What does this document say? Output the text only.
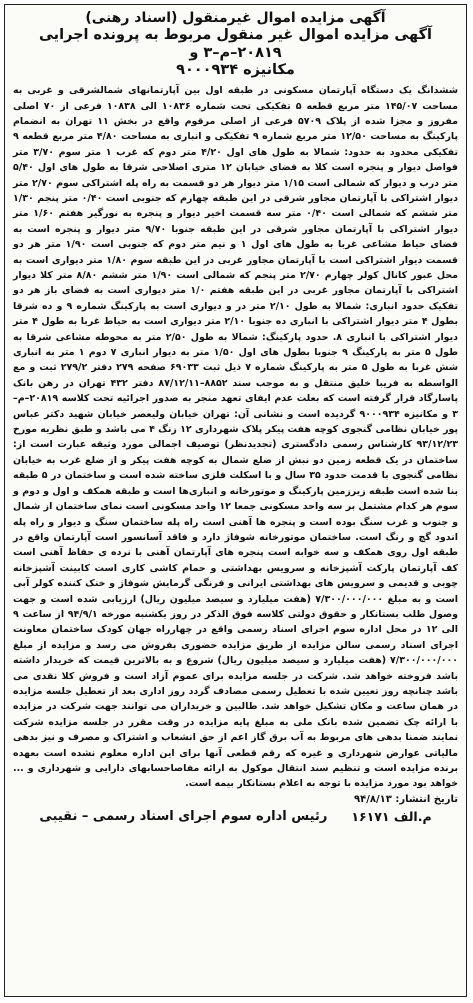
آگهی مزایده اموال غیرمنقول (اسناد رهنی)

آگهی مزایده اموال غیر منقول مربوط به پرونده اجرایی ۲۰۸۱۹–م–۳ و

مکانیزه ۹۰۰۰۹۳۴

ششدانگ یک دستگاه آپارتمان مسکونی در طبقه اول بین آپارتمانهای شمالشرقی و غربی به مساحت ۱۴۵/۰۷ متر مربع قطعه ۵ تفکیکی تحت شماره ۱۰۸۳۶ الی ۱۰۸۳۸ فرعی از ۷۰ اصلی مفروز و مجزا شده از پلاک ۵۷۰۹ فرعی از اصلی مرقوم واقع در بخش ۱۱ تهران به انضمام پارکینگ به مساحت ۱۲/۵۰ متر مربع شماره ۹ تفکیکی و انباری به مساحت ۴/۸۰ متر مربع قطعه ۹ تفکیکی محدود به حدود: شمالا به طول های اول ۴/۲۰ متر دوم که غرب ۱ متر سوم ۳/۷۰ متر فواصل دیوار و پنجره است کلا به فضای خیابان ۱۲ متری اصلاحی شرقا به طول های اول ۵/۴۰ متر درب و دیوار که شمالی است ۱/۱۵ متر دیوار هر دو قسمت به راه پله اشتراکی سوم ۲/۷۰ متر دیوار اشتراکی با آپارتمان مجاور شرقی در این طبقه چهارم که جنوبی است ۰/۴۰ متر پنجم ۱/۳۰ متر ششم که شمالی است ۰/۴۰ متر سه قسمت اخیر دیوار و پنجره به نورگیر هفتم ۱/۶۰ متر دیوار اشتراکی با آپارتمان مجاور شرقی در این طبقه جنوبا ۹/۷۰ متر دیوار و پنجره است به فضای حیاط مشاعی غربا به طول های اول ۱ و نیم متر دوم که جنوبی است ۱/۹۰ متر هر دو قسمت دیوار اشتراکی است با آپارتمان مجاور غربی در این طبقه سوم ۱/۸۰ متر دیواری است به محل عبور کانال کولر چهارم ۲/۷۰ متر پنجم که شمالی است ۱/۹۰ متر ششم ۸/۸۰ متر کلا دیوار اشتراکی با آپارتمان مجاور غربی در این طبقه هفتم ۱/۰ متر دیواری است به فضای باز هر دو تفکیک حدود انباری: شمالا به طول ۲/۱۰ متر در و دیواری است به پارکینگ شماره ۹ و ده شرقا بطول ۴ متر دیوار اشتراکی با انباری ده جنوبا ۲/۱۰ متر دیواری است به حیاط غربا به طول ۴ متر دیوار اشتراکی با انباری ۸. حدود پارکینگ: شمالا به طول ۲/۵۰ متر به محوطه مشاعی شرقا به طول ۵ متر به پارکینگ ۹ جنوبا بطول های اول ۱/۵۰ متر به دیوار انباری ۷ دوم ۱ متر به انباری شش غربا به طول ۵ متر به پارکینگ شماره ۷ ذیل ثبت ۶۹۰۳۳ صفحه ۲۷۹ دفتر ۲۷۹/۲ ثبت و مع الواسطه به فریبا خلیق منتقل و به موجب سند ۸۸۵۲–۸۷/۱۲/۱۱ دفتر ۴۳۲ تهران در رهن بانک پاسارگاد قرار گرفته است که بعلت عدم ایفای تعهد منجر به صدور اجرائیه تحت کلاسه ۲۰۸۱۹–م–۳ و مکانیزه ۹۰۰۰۹۳۴ گردیده است و نشانی آن: تهران خیابان ولیعصر خیابان شهید دکتر عباس پور خیابان نظامی گنجوی کوچه هفت پیکر پلاک شهرداری ۱۲ زنگ ۴ می باشد و طبق نظریه مورخ ۹۳/۱۲/۲۳ کارشناس رسمی دادگستری (تجدیدنظر) توصیف اجمالی مورد وثیقه عبارت است از: ساختمان در یک قطعه زمین دو نبش از ضلع شمال به کوچه هفت پیکر و از ضلع غرب به خیابان نظامی گنجوی با قدمت حدود ۳۵ سال و با اسکلت فلزی ساخته شده است و ساختمان در ۵ طبقه بنا شده است طبقه زیرزمین پارکینگ و موتورخانه و انباری‌ها است و طبقه همکف و اول و دوم و سوم هر کدام مشتمل بر سه واحد مسکونی جمعا ۱۲ واحد مسکونی است نمای ساختمان از شمال و جنوب و غرب سنگ بوده است و پنجره ها آهنی است راه پله ساختمان سنگ و دیوار و راه پله اندود گچ و رنگ است. ساختمان موتورخانه شوفاژ دارد و فاقد آسانسور است آپارتمان واقع در طبقه اول روی همکف و سه خوابه است پنجره های آپارتمان آهنی با نرده ی حفاظ آهنی است کف آپارتمان پارکت آشپزخانه و سرویس بهداشتی و حمام کاشی کاری است کابینت آشپزخانه چوبی و قدیمی و سرویس های بهداشتی ایرانی و فرنگی گرمایش شوفاژ و خنک کننده کولر آبی است و به مبلغ ۷/۳۰۰/۰۰۰/۰۰۰ (هفت میلیارد و سیصد میلیون ریال) ارزیابی شده است و جهت وصول طلب بستانکار و حقوق دولتی کلاسه فوق الذکر در روز یکشنبه مورخه ۹۴/۹/۱ از ساعت ۹ الی ۱۲ در محل اداره سوم اجرای اسناد رسمی واقع در چهارراه جهان کودک ساختمان معاونت اجرای اسناد رسمی سالن مزایده از طریق مزایده حضوری بفروش می رسد و مزایده از مبلغ ۷/۳۰۰/۰۰۰/۰۰۰ (هفت میلیارد و سیصد میلیون ریال) شروع و به بالاترین قیمت که خریدار داشته باشد فروخته خواهد شد. شرکت در جلسه مزایده برای عموم آزاد است و فروش کلا نقدی می باشد چنانچه روز تعیین شده با تعطیل رسمی مصادف گردد روز اداری بعد از تعطیل جلسه مزایده در همان ساعت و مکان تشکیل خواهد شد. طالبین و خریداران می توانند جهت شرکت در مزایده با ارائه چک تضمین شده بانک ملی به مبلغ پایه مزایده در وقت مقرر در جلسه مزایده شرکت نمایند ضمنا بدهی های مربوط به آب برق گاز اعم از حق انشعاب و اشتراک و مصرف و نیز بدهی مالیاتی عوارض شهرداری و غیره که رقم قطعی آنها برای این اداره معلوم نشده است بعهده برنده مزایده است و تنظیم سند انتقال موکول به ارائه مفاصاحسابهای دارایی و شهرداری و ... خواهد بود مورد مزایده با توجه به اعلام بستانکار بیمه است.

تاریخ انتشار: ۹۴/۸/۱۳

۱۶۱۷۱ م.الف
رئیس اداره سوم اجرای اسناد رسمی – نقیبی
